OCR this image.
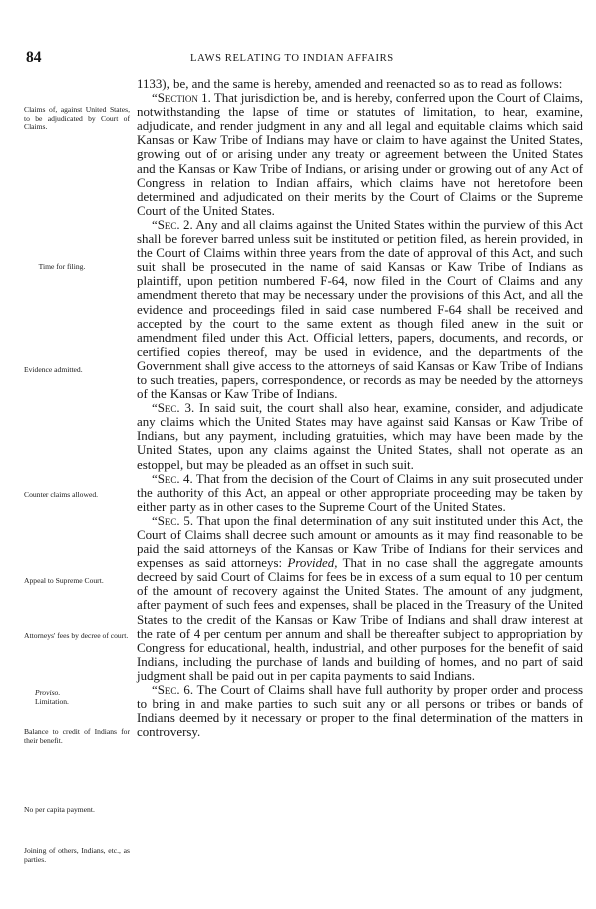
84	LAWS RELATING TO INDIAN AFFAIRS
Claims of, against United States, to be adjudicated by Court of Claims.
Time for filing.
Evidence admitted.
Counter claims allowed.
Appeal to Supreme Court.
Attorneys' fees by decree of court.
Proviso.
Limitation.
Balance to credit of Indians for their benefit.
No per capita payment.
Joining of others, Indians, etc., as parties.

1133), be, and the same is hereby, amended and reenacted so as to read as follows:

“Section 1. That jurisdiction be, and is hereby, conferred upon the Court of Claims, notwithstanding the lapse of time or statutes of limitation, to hear, examine, adjudicate, and render judgment in any and all legal and equitable claims which said Kansas or Kaw Tribe of Indians may have or claim to have against the United States, growing out of or arising under any treaty or agreement between the United States and the Kansas or Kaw Tribe of Indians, or arising under or growing out of any Act of Congress in relation to Indian affairs, which claims have not heretofore been determined and adjudicated on their merits by the Court of Claims or the Supreme Court of the United States.

“Sec. 2. Any and all claims against the United States within the purview of this Act shall be forever barred unless suit be instituted or petition filed, as herein provided, in the Court of Claims within three years from the date of approval of this Act, and such suit shall be prosecuted in the name of said Kansas or Kaw Tribe of Indians as plaintiff, upon petition numbered F-64, now filed in the Court of Claims and any amendment thereto that may be necessary under the provisions of this Act, and all the evidence and proceedings filed in said case numbered F-64 shall be received and accepted by the court to the same extent as though filed anew in the suit or amendment filed under this Act. Official letters, papers, documents, and records, or certified copies thereof, may be used in evidence, and the departments of the Government shall give access to the attorneys of said Kansas or Kaw Tribe of Indians to such treaties, papers, correspondence, or records as may be needed by the attorneys of the Kansas or Kaw Tribe of Indians.

“Sec. 3. In said suit, the court shall also hear, examine, consider, and adjudicate any claims which the United States may have against said Kansas or Kaw Tribe of Indians, but any payment, including gratuities, which may have been made by the United States, upon any claims against the United States, shall not operate as an estoppel, but may be pleaded as an offset in such suit.

“Sec. 4. That from the decision of the Court of Claims in any suit prosecuted under the authority of this Act, an appeal or other appropriate proceeding may be taken by either party as in other cases to the Supreme Court of the United States.

“Sec. 5. That upon the final determination of any suit instituted under this Act, the Court of Claims shall decree such amount or amounts as it may find reasonable to be paid the said attorneys of the Kansas or Kaw Tribe of Indians for their services and expenses as said attorneys: Provided, That in no case shall the aggregate amounts decreed by said Court of Claims for fees be in excess of a sum equal to 10 per centum of the amount of recovery against the United States. The amount of any judgment, after payment of such fees and expenses, shall be placed in the Treasury of the United States to the credit of the Kansas or Kaw Tribe of Indians and shall draw interest at the rate of 4 per centum per annum and shall be thereafter subject to appropriation by Congress for educational, health, industrial, and other purposes for the benefit of said Indians, including the purchase of lands and building of homes, and no part of said judgment shall be paid out in per capita payments to said Indians.

“Sec. 6. The Court of Claims shall have full authority by proper order and process to bring in and make parties to such suit any or all persons or tribes or bands of Indians deemed by it necessary or proper to the final determination of the matters in controversy.
